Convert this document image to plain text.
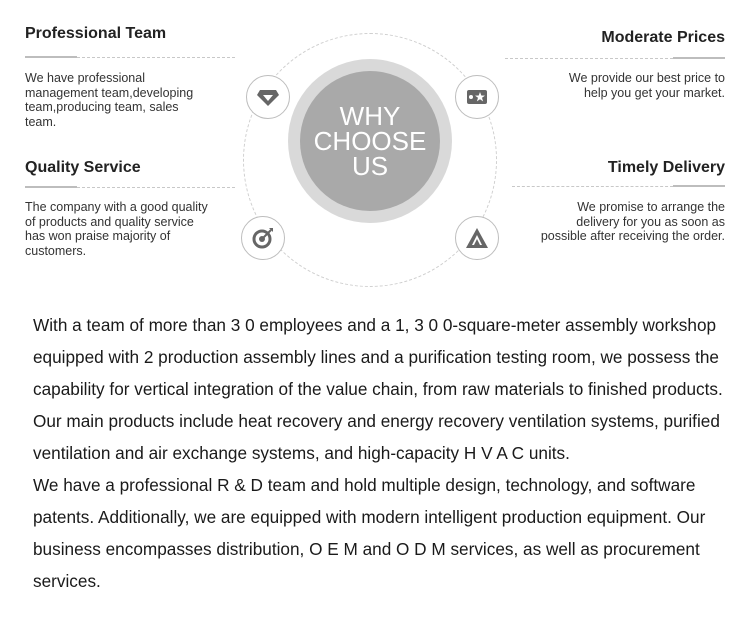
WHY
CHOOSE
US
Professional Team
We have professional
management team,developing
team,producing team, sales
team.
Moderate Prices
We provide our best price to
help you get your market.
Quality Service
The company with a good quality
of products and quality service
has won praise majority of
customers.
Timely Delivery
We promise to arrange the
delivery for you as soon as
possible after receiving the order.

With a team of more than 3 0 employees and a 1, 3 0 0-square-meter assembly workshop equipped with 2 production assembly lines and a purification testing room, we possess the capability for vertical integration of the value chain, from raw materials to finished products. Our main products include heat recovery and energy recovery ventilation systems, purified ventilation and air exchange systems, and high-capacity H V A C units.

We have a professional R & D team and hold multiple design, technology, and software patents. Additionally, we are equipped with modern intelligent production equipment. Our business encompasses distribution, O E M and O D M services, as well as procurement services.
